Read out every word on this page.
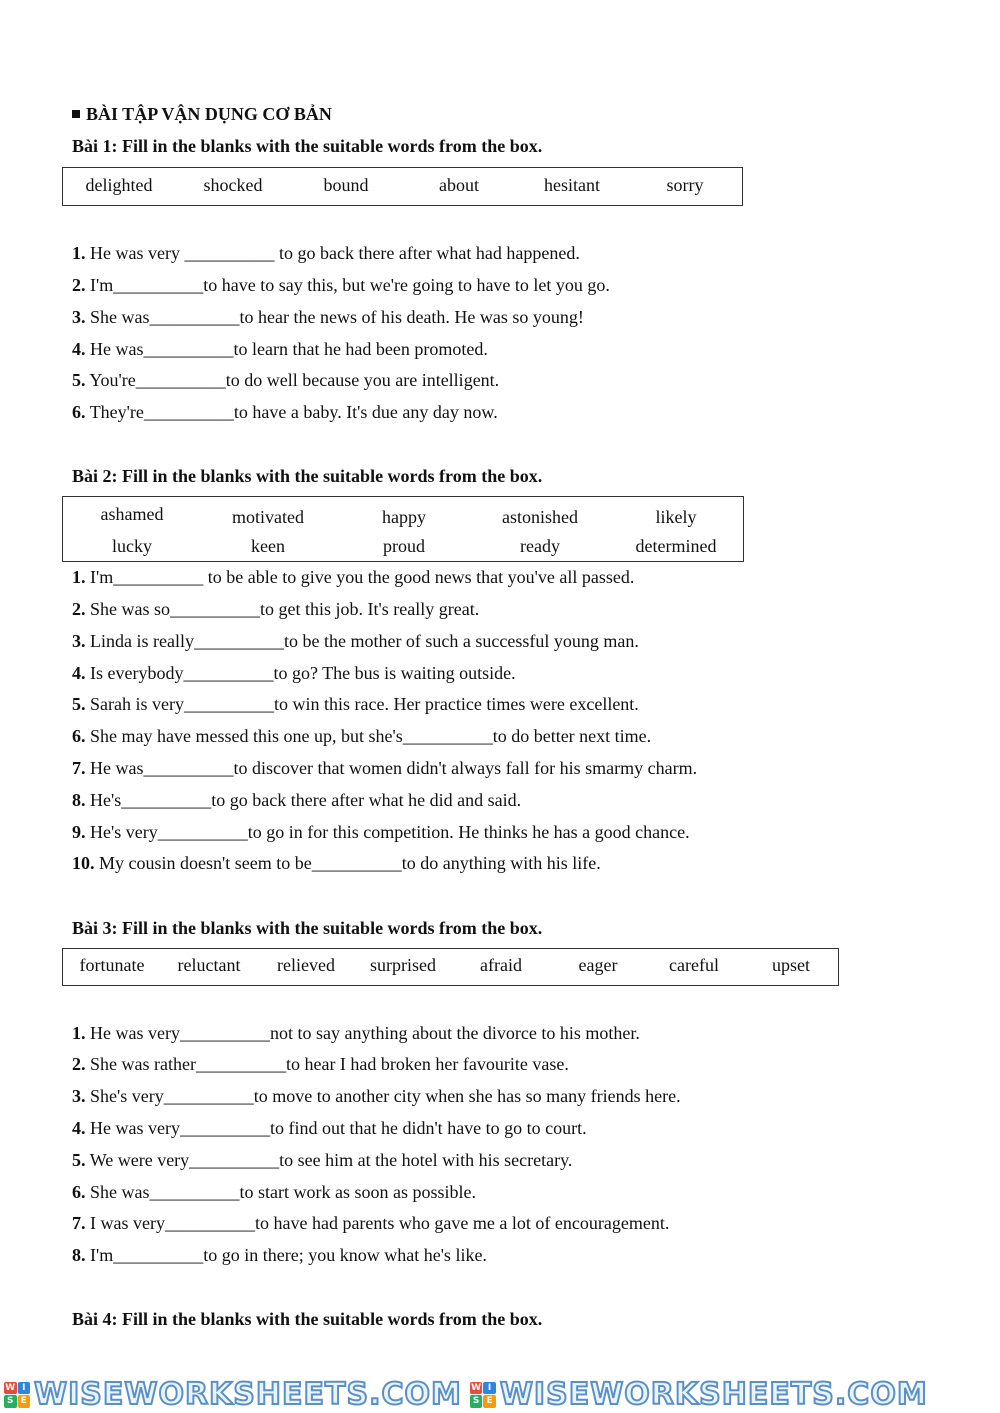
BÀI TẬP VẬN DỤNG CƠ BẢN
Bài 1: Fill in the blanks with the suitable words from the box.
delighted	shocked	bound	about	hesitant	sorry
1. He was very __________ to go back there after what had happened.
2. I'm__________to have to say this, but we're going to have to let you go.
3. She was__________to hear the news of his death. He was so young!
4. He was__________to learn that he had been promoted.
5. You're__________to do well because you are intelligent.
6. They're__________to have a baby. It's due any day now.
Bài 2: Fill in the blanks with the suitable words from the box.
ashamed	motivated	happy	astonished	likely
lucky	keen	proud	ready	determined
1. I'm__________ to be able to give you the good news that you've all passed.
2. She was so__________to get this job. It's really great.
3. Linda is really__________to be the mother of such a successful young man.
4. Is everybody__________to go? The bus is waiting outside.
5. Sarah is very__________to win this race. Her practice times were excellent.
6. She may have messed this one up, but she's__________to do better next time.
7. He was__________to discover that women didn't always fall for his smarmy charm.
8. He's__________to go back there after what he did and said.
9. He's very__________to go in for this competition. He thinks he has a good chance.
10. My cousin doesn't seem to be__________to do anything with his life.
Bài 3: Fill in the blanks with the suitable words from the box.
fortunate reluctant relieved surprised afraid	eager	careful	upset
1. He was very__________not to say anything about the divorce to his mother.
2. She was rather__________to hear I had broken her favourite vase.
3. She's very__________to move to another city when she has so many friends here.
4. He was very__________to find out that he didn't have to go to court.
5. We were very__________to see him at the hotel with his secretary.
6. She was__________to start work as soon as possible.
7. I was very__________to have had parents who gave me a lot of encouragement.
8. I'm__________to go in there; you know what he's like.
Bài 4: Fill in the blanks with the suitable words from the box.
W I
S E WISEWORKSHEETS.COM W I
S E WISEWORKSHEETS.COM
